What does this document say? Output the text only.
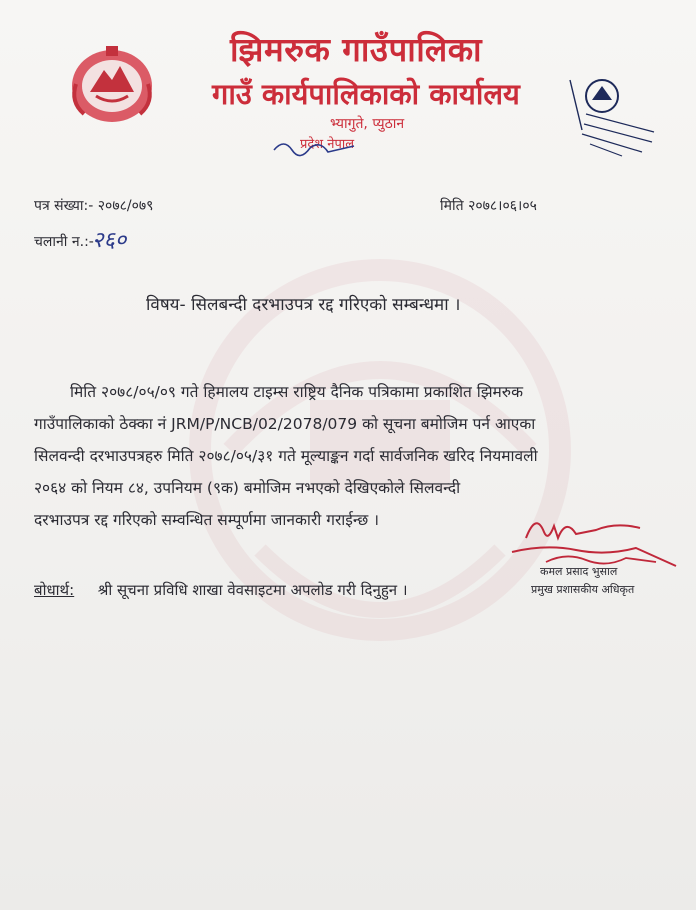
झिमरुक गाउँपालिका
गाउँ कार्यपालिकाको कार्यालय
भ्यागुते, प्युठान
प्रदेश नेपाल
पत्र संख्या:- २०७८/०७९	मिति २०७८।०६।०५
चलानी न.:-
२६०
विषय- सिलबन्दी दरभाउपत्र रद्द गरिएको सम्बन्धमा ।
मिति २०७८/०५/०९ गते हिमालय टाइम्स राष्ट्रिय दैनिक पत्रिकामा प्रकाशित झिमरुक
गाउँपालिकाको ठेक्का नं JRM/P/NCB/02/2078/079 को सूचना बमोजिम पर्न आएका
सिलवन्दी दरभाउपत्रहरु मिति २०७८/०५/३१ गते मूल्याङ्कन गर्दा सार्वजनिक खरिद नियमावली
२०६४ को नियम ८४, उपनियम (९क) बमोजिम नभएको देखिएकोले सिलवन्दी
दरभाउपत्र रद्द गरिएको सम्वन्धित सम्पूर्णमा जानकारी गराईन्छ ।
कमल प्रसाद भुसाल
प्रमुख प्रशासकीय अधिकृत
बोधार्थ: श्री सूचना प्रविधि शाखा वेवसाइटमा अपलोड गरी दिनुहुन ।
